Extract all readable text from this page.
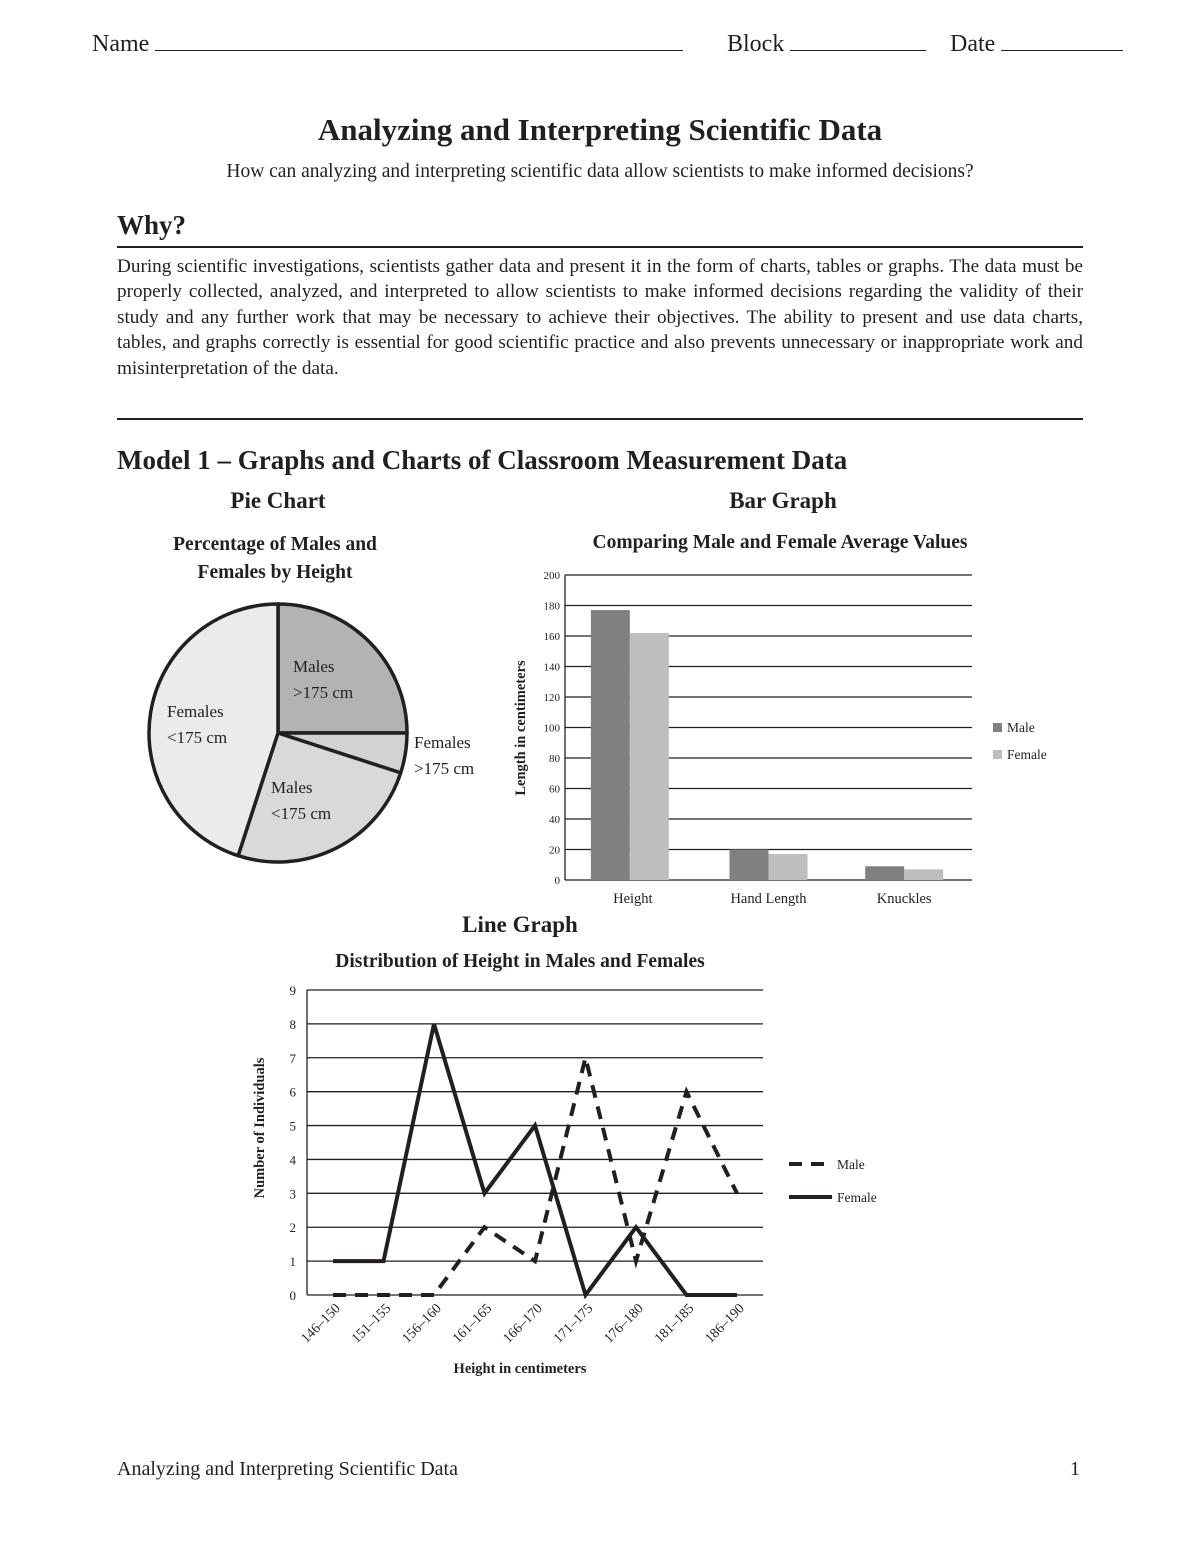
Name	Block	Date
Analyzing and Interpreting Scientific Data
How can analyzing and interpreting scientific data allow scientists to make informed decisions?
Why?
During scientific investigations, scientists gather data and present it in the form of charts, tables or graphs. The data must be properly collected, analyzed, and interpreted to allow scientists to make informed decisions regarding the validity of their study and any further work that may be necessary to achieve their objectives. The ability to present and use data charts, tables, and graphs correctly is essential for good scientific practice and also prevents unnecessary or inappropriate work and misinterpretation of the data.
Model 1 – Graphs and Charts of Classroom Measurement Data
Pie Chart	Bar Graph
Line Graph
Percentage of Males and
Females by Height
Comparing Male and Female Average Values
Distribution of Height in Males and Females
Males
>175 cm
Females
>175 cm
Males
<175 cm
Females
<175 cm
0
20
40
60
80
100
120
140
160
180
200
Height	Hand Length	Knuckles
Length in centimeters	Male
Female
0
1
2
3
4
5
6
7
8
9
146–150 151–155 156–160 161–165 166–170 171–175 176–180 181–185 186–190
Male
Female
Height in centimeters
Number of Individuals
Analyzing and Interpreting Scientific Data	1
